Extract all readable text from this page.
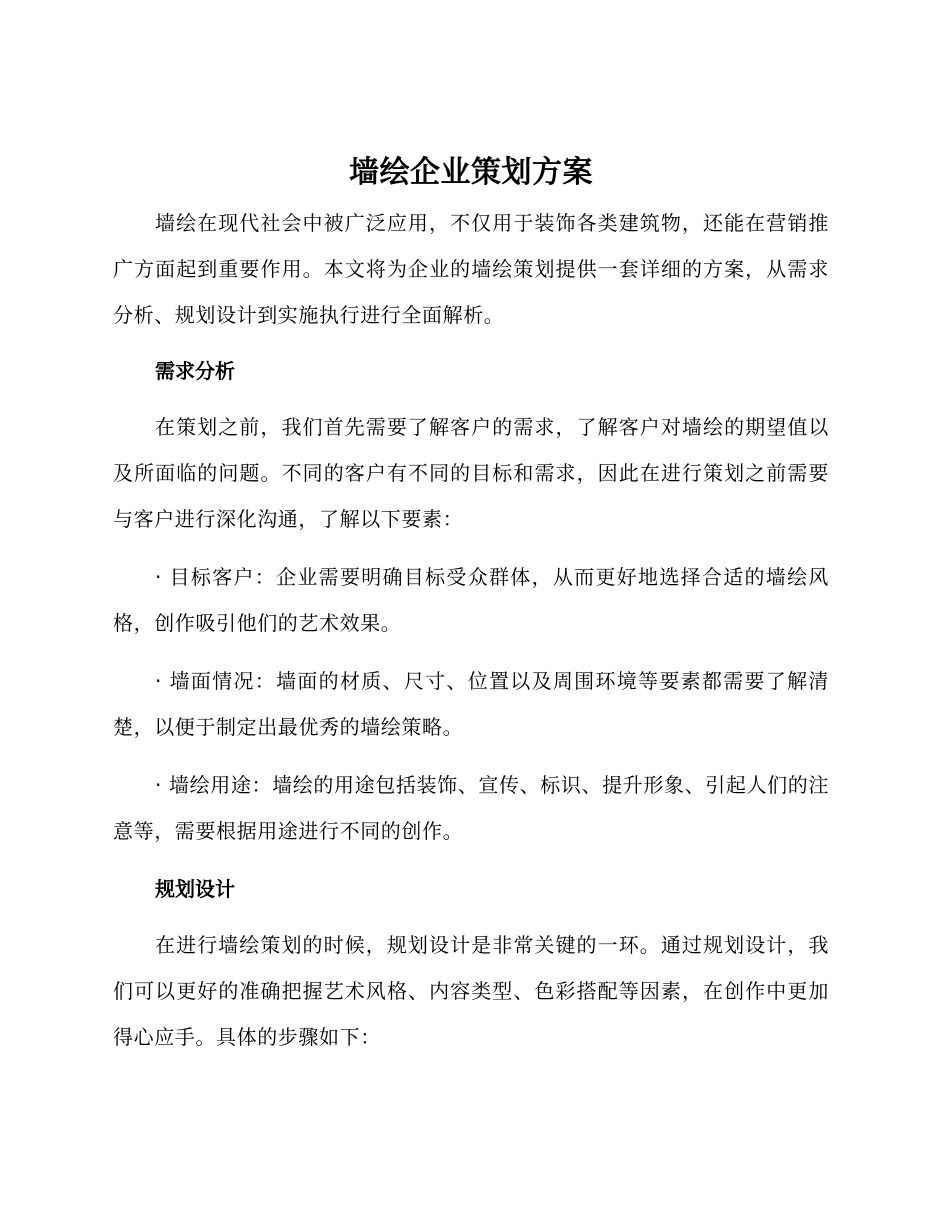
墙绘企业策划方案

墙绘在现代社会中被广泛应用，不仅用于装饰各类建筑物，还能在营销推广方面起到重要作用。本文将为企业的墙绘策划提供一套详细的方案，从需求分析、规划设计到实施执行进行全面解析。

需求分析

在策划之前，我们首先需要了解客户的需求，了解客户对墙绘的期望值以及所面临的问题。不同的客户有不同的目标和需求，因此在进行策划之前需要与客户进行深化沟通，了解以下要素：

· 目标客户：企业需要明确目标受众群体，从而更好地选择合适的墙绘风格，创作吸引他们的艺术效果。

· 墙面情况：墙面的材质、尺寸、位置以及周围环境等要素都需要了解清楚，以便于制定出最优秀的墙绘策略。

· 墙绘用途：墙绘的用途包括装饰、宣传、标识、提升形象、引起人们的注意等，需要根据用途进行不同的创作。

规划设计

在进行墙绘策划的时候，规划设计是非常关键的一环。通过规划设计，我们可以更好的准确把握艺术风格、内容类型、色彩搭配等因素，在创作中更加得心应手。具体的步骤如下：
